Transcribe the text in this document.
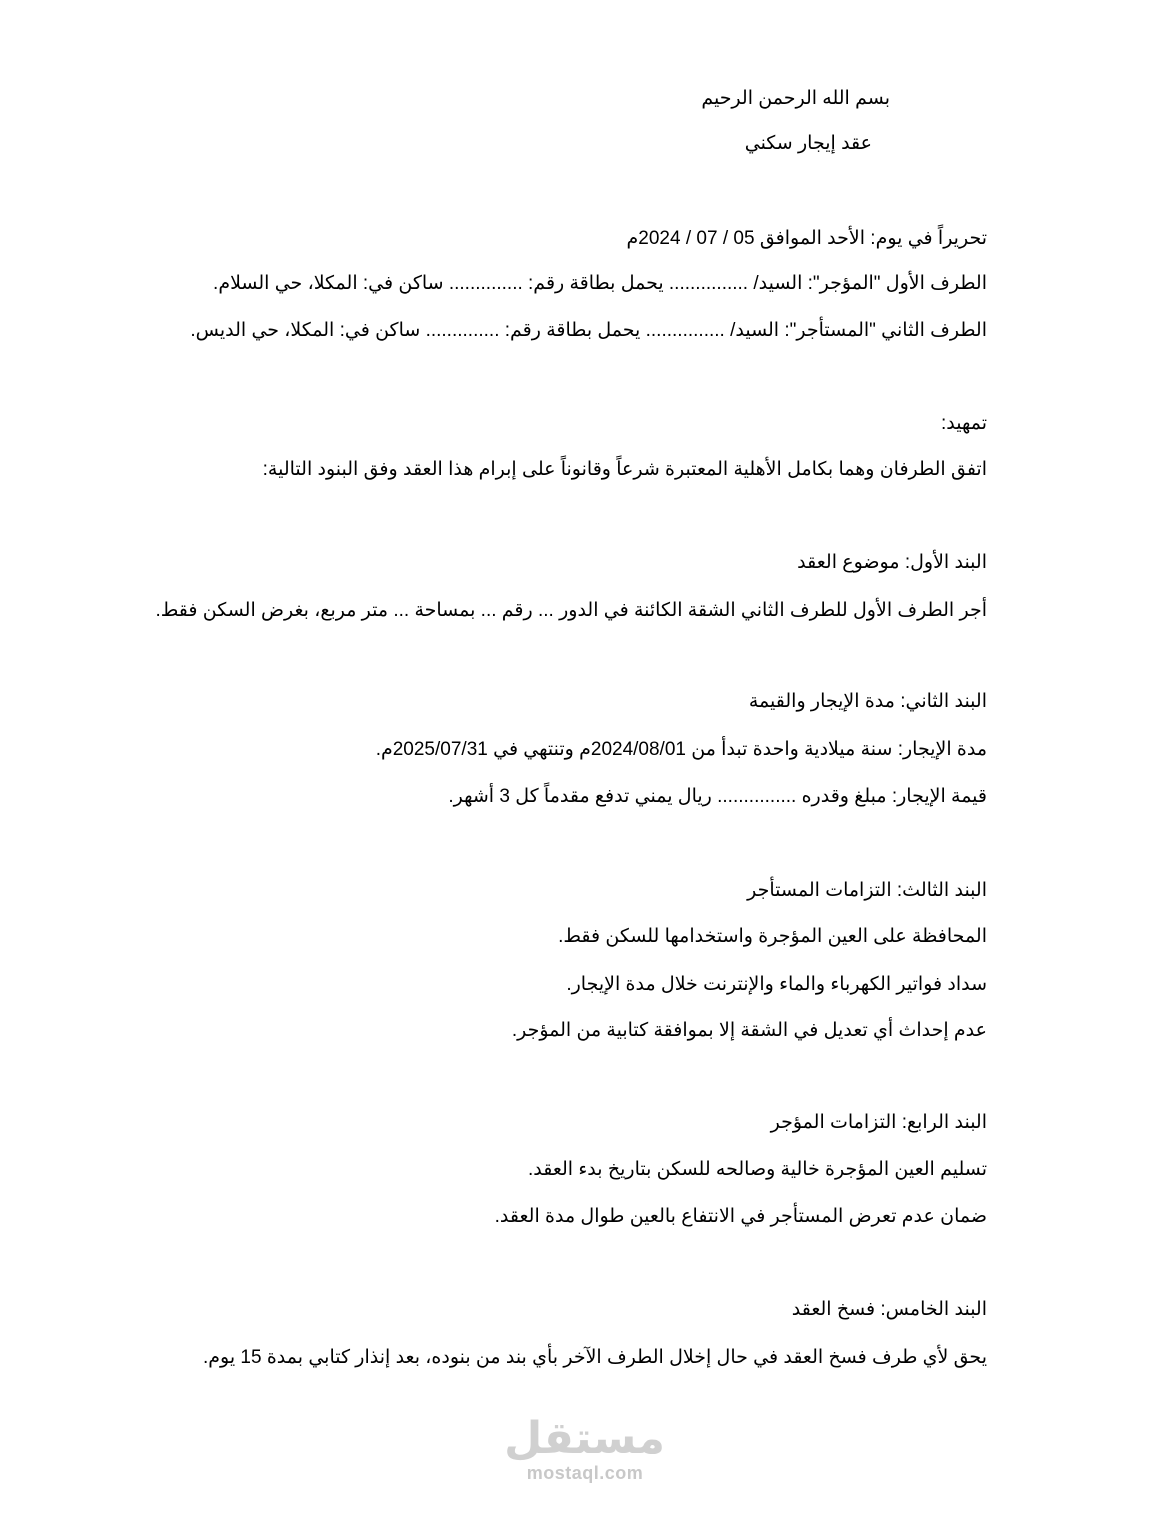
بسم الله الرحمن الرحيم
عقد إيجار سكني
تحريراً في يوم: الأحد الموافق 05 / 07 / 2024م
الطرف الأول "المؤجر": السيد/ ............... يحمل بطاقة رقم: .............. ساكن في: المكلا، حي السلام.
الطرف الثاني "المستأجر": السيد/ ............... يحمل بطاقة رقم: .............. ساكن في: المكلا، حي الديس.
تمهيد:
اتفق الطرفان وهما بكامل الأهلية المعتبرة شرعاً وقانوناً على إبرام هذا العقد وفق البنود التالية:
البند الأول: موضوع العقد
أجر الطرف الأول للطرف الثاني الشقة الكائنة في الدور ... رقم ... بمساحة ... متر مربع، بغرض السكن فقط.
البند الثاني: مدة الإيجار والقيمة
مدة الإيجار: سنة ميلادية واحدة تبدأ من 2024/08/01م وتنتهي في 2025/07/31م.
قيمة الإيجار: مبلغ وقدره ............... ريال يمني تدفع مقدماً كل 3 أشهر.
البند الثالث: التزامات المستأجر
المحافظة على العين المؤجرة واستخدامها للسكن فقط.
سداد فواتير الكهرباء والماء والإنترنت خلال مدة الإيجار.
عدم إحداث أي تعديل في الشقة إلا بموافقة كتابية من المؤجر.
البند الرابع: التزامات المؤجر
تسليم العين المؤجرة خالية وصالحه للسكن بتاريخ بدء العقد.
ضمان عدم تعرض المستأجر في الانتفاع بالعين طوال مدة العقد.
البند الخامس: فسخ العقد
يحق لأي طرف فسخ العقد في حال إخلال الطرف الآخر بأي بند من بنوده، بعد إنذار كتابي بمدة 15 يوم.
مستقل
mostaql.com
